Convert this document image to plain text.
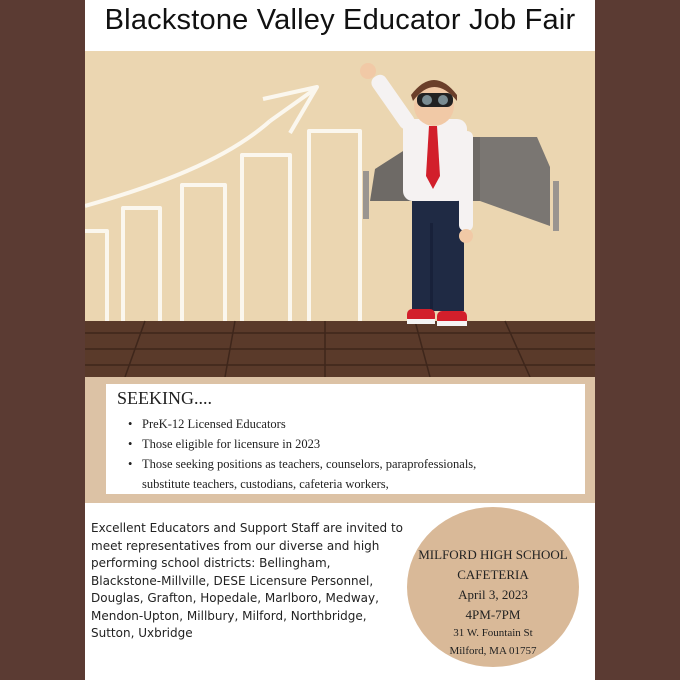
Blackstone Valley Educator Job Fair
SEEKING....
• PreK-12 Licensed Educators
• Those eligible for licensure in 2023
• Those seeking positions as teachers, counselors, paraprofessionals,
substitute teachers, custodians, cafeteria workers,
Excellent Educators and Support Staff are invited to
meet representatives from our diverse and high
performing school districts: Bellingham,
Blackstone-Millville, DESE Licensure Personnel,
Douglas, Grafton, Hopedale, Marlboro, Medway,
Mendon-Upton, Millbury, Milford, Northbridge,
Sutton, Uxbridge
MILFORD HIGH SCHOOL
CAFETERIA
April 3, 2023
4PM-7PM
31 W. Fountain St
Milford, MA 01757
